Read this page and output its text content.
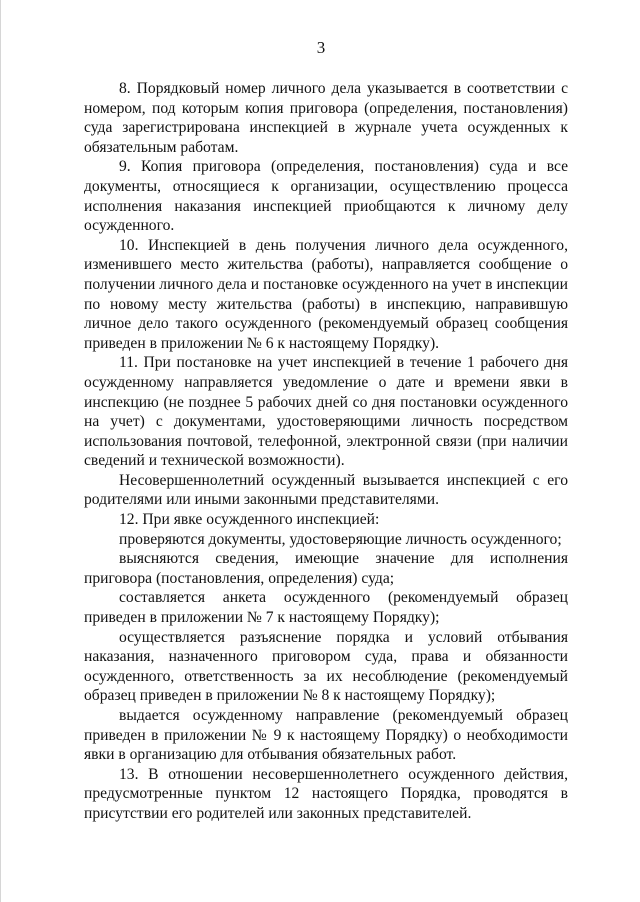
3

8. Порядковый номер личного дела указывается в соответствии с номером, под которым копия приговора (определения, постановления) суда зарегистрирована инспекцией в журнале учета осужденных к обязательным работам.

9. Копия приговора (определения, постановления) суда и все документы, относящиеся к организации, осуществлению процесса исполнения наказания инспекцией приобщаются к личному делу осужденного.

10. Инспекцией в день получения личного дела осужденного, изменившего место жительства (работы), направляется сообщение о получении личного дела и постановке осужденного на учет в инспекции по новому месту жительства (работы) в инспекцию, направившую личное дело такого осужденного (рекомендуемый образец сообщения приведен в приложении № 6 к настоящему Порядку).

11. При постановке на учет инспекцией в течение 1 рабочего дня осужденному направляется уведомление о дате и времени явки в инспекцию (не позднее 5 рабочих дней со дня постановки осужденного на учет) с документами, удостоверяющими личность посредством использования почтовой, телефонной, электронной связи (при наличии сведений и технической возможности).

Несовершеннолетний осужденный вызывается инспекцией с его родителями или иными законными представителями.

12. При явке осужденного инспекцией:

проверяются документы, удостоверяющие личность осужденного;

выясняются сведения, имеющие значение для исполнения приговора (постановления, определения) суда;

составляется анкета осужденного (рекомендуемый образец приведен в приложении № 7 к настоящему Порядку);

осуществляется разъяснение порядка и условий отбывания наказания, назначенного приговором суда, права и обязанности осужденного, ответственность за их несоблюдение (рекомендуемый образец приведен в приложении № 8 к настоящему Порядку);

выдается осужденному направление (рекомендуемый образец приведен в приложении № 9 к настоящему Порядку) о необходимости явки в организацию для отбывания обязательных работ.

13. В отношении несовершеннолетнего осужденного действия, предусмотренные пунктом 12 настоящего Порядка, проводятся в присутствии его родителей или законных представителей.
